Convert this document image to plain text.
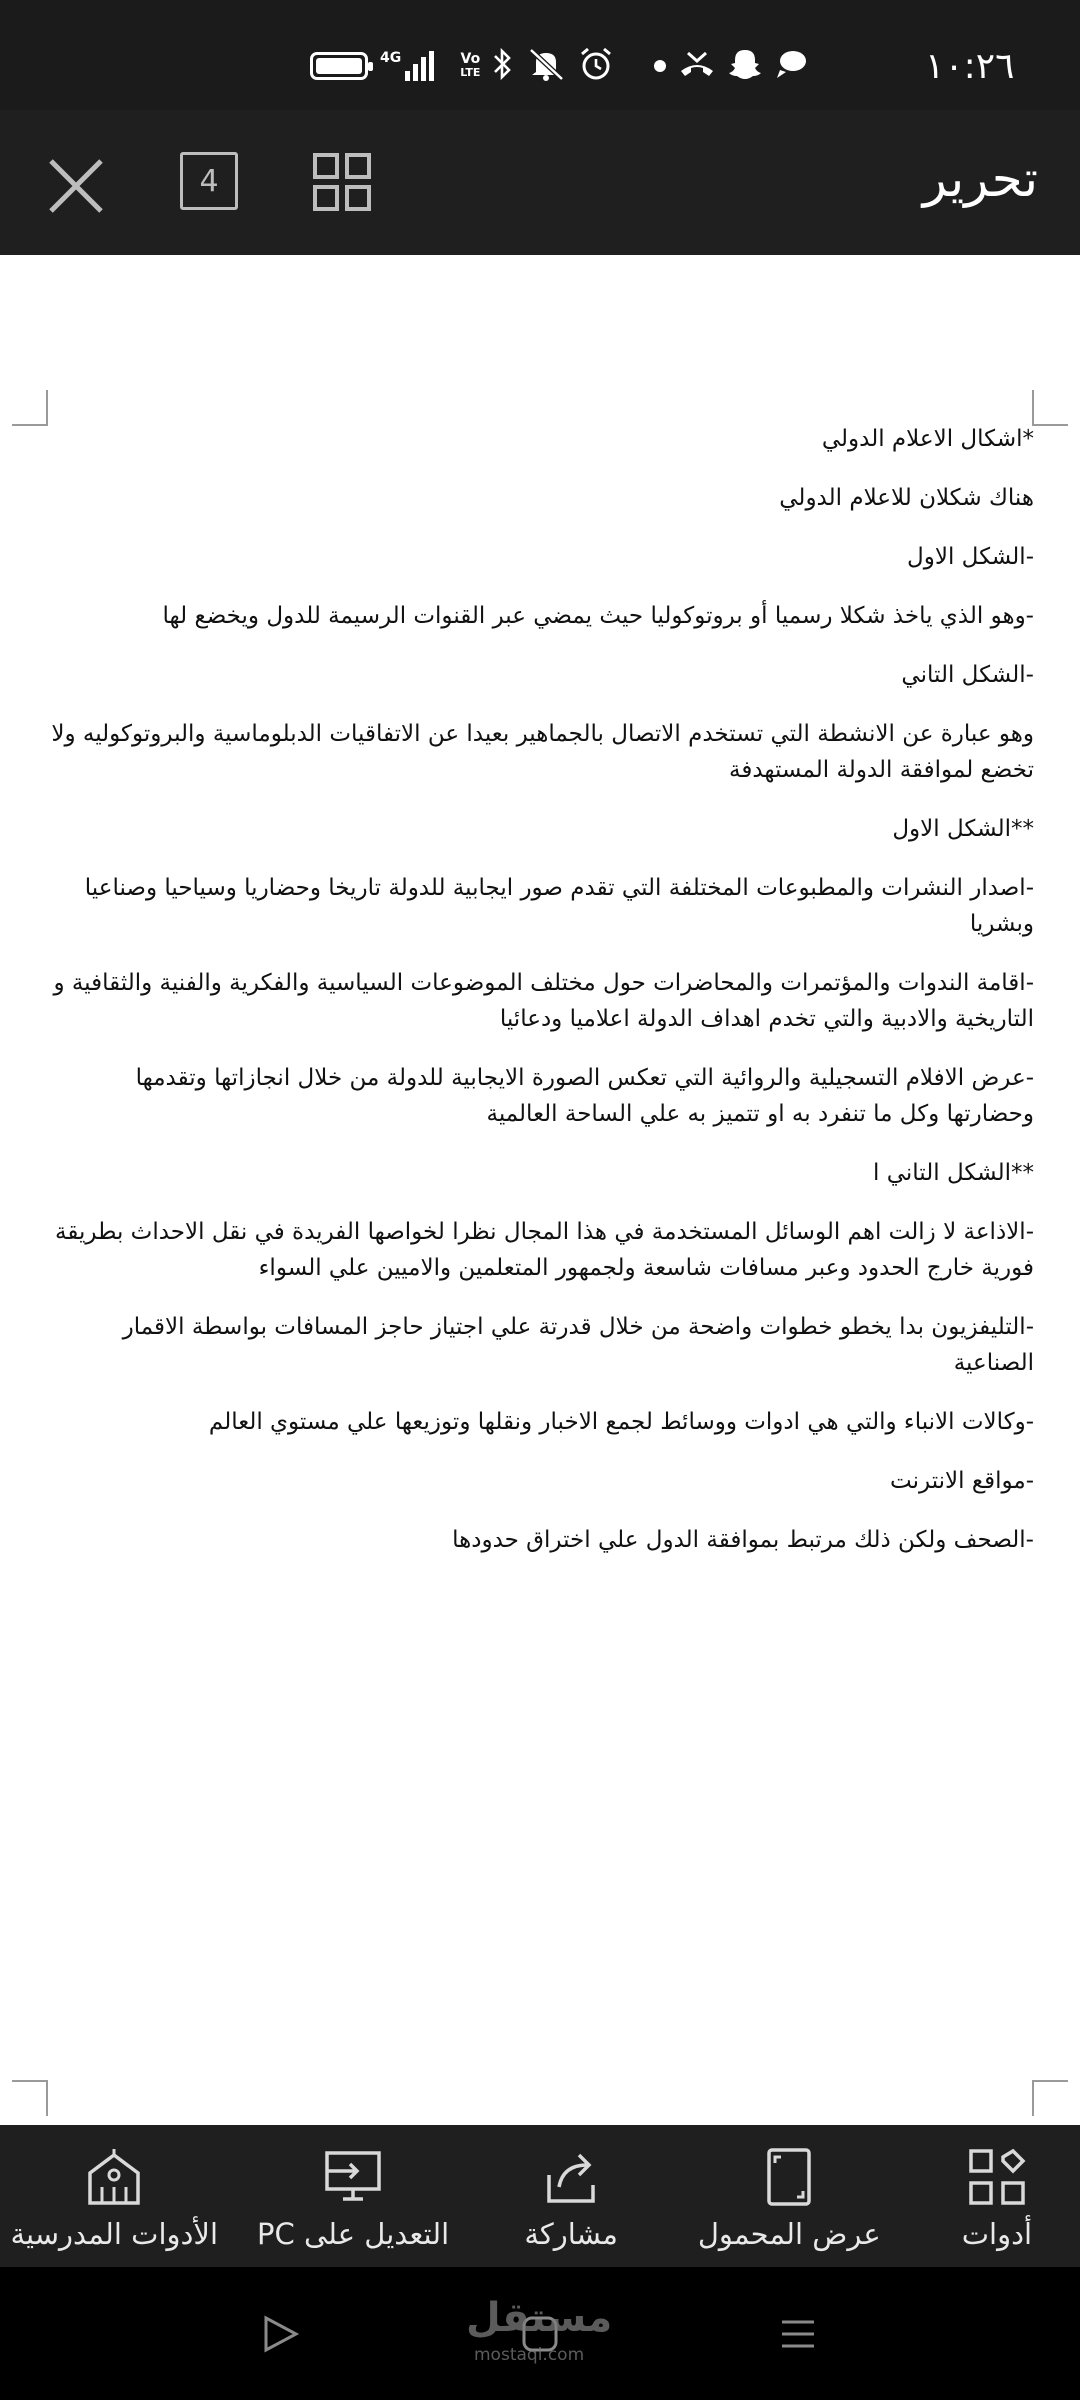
4G	Vo
LTE	١٠:٢٦
4	تحرير

*اشكال الاعلام الدولي

هناك شكلان للاعلام الدولي

-الشكل الاول

-وهو الذي ياخذ شكلا رسميا أو بروتوكوليا حيث يمضي عبر القنوات الرسيمة للدول ويخضع لها

-الشكل التاني

وهو عبارة عن الانشطة التي تستخدم الاتصال بالجماهير بعيدا عن الاتفاقيات الدبلوماسية والبروتوكوليه ولا تخضع لموافقة الدولة المستهدفة

**الشكل الاول

-اصدار النشرات والمطبوعات المختلفة التي تقدم صور ايجابية للدولة تاريخا وحضاريا وسياحيا وصناعيا وبشريا

-اقامة الندوات والمؤتمرات والمحاضرات حول مختلف الموضوعات السياسية والفكرية والفنية والثقافية و التاريخية والادبية والتي تخدم اهداف الدولة اعلاميا ودعائيا

-عرض الافلام التسجيلية والروائية التي تعكس الصورة الايجابية للدولة من خلال انجازاتها وتقدمها وحضارتها وكل ما تنفرد به او تتميز به علي الساحة العالمية

**الشكل التاني ا

-الاذاعة لا زالت اهم الوسائل المستخدمة في هذا المجال نظرا لخواصها الفريدة في نقل الاحداث بطريقة فورية خارج الحدود وعبر مسافات شاسعة ولجمهور المتعلمين والاميين علي السواء

-التليفزيون بدا يخطو خطوات واضحة من خلال قدرتة علي اجتياز حاجز المسافات بواسطة الاقمار الصناعية

-وكالات الانباء والتي هي ادوات ووسائط لجمع الاخبار ونقلها وتوزيعها علي مستوي العالم

-مواقع الانترنت

-الصحف ولكن ذلك مرتبط بموافقة الدول علي اختراق حدودها

أدوات
عرض المحمول
مشاركة
التعديل على PC
الأدوات المدرسية
مستقل
mostaql.com
